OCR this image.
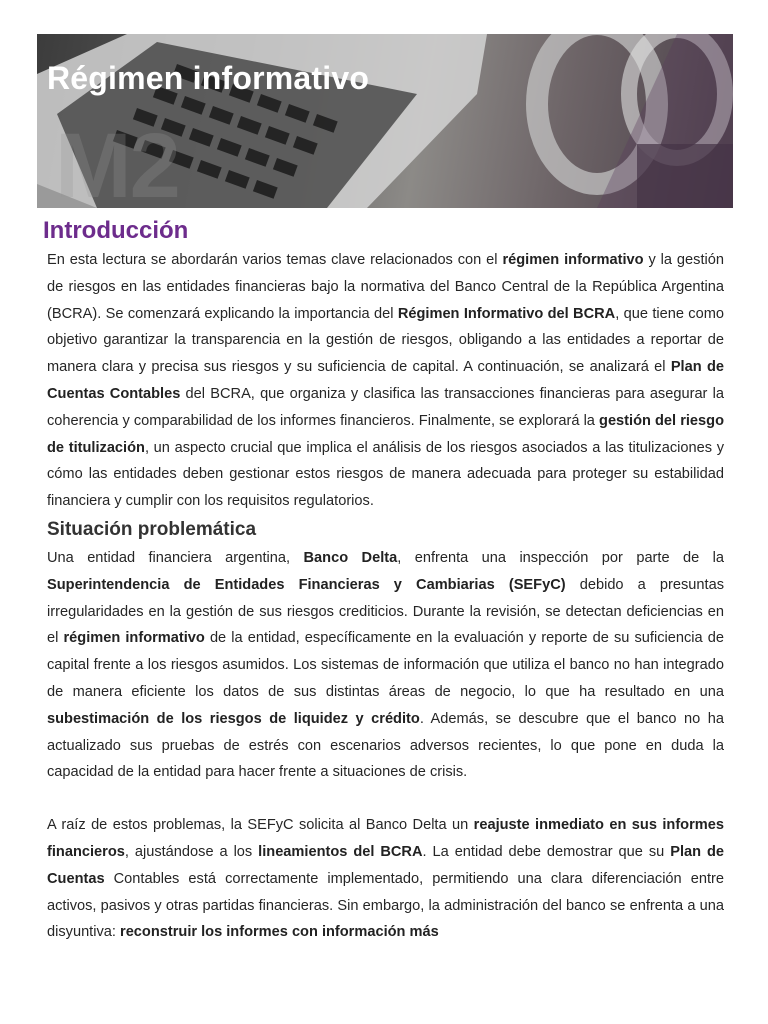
M2
Régimen informativo
Introducción

En esta lectura se abordarán varios temas clave relacionados con el régimen informativo y la gestión de riesgos en las entidades financieras bajo la normativa del Banco Central de la República Argentina (BCRA). Se comenzará explicando la importancia del Régimen Informativo del BCRA, que tiene como objetivo garantizar la transparencia en la gestión de riesgos, obligando a las entidades a reportar de manera clara y precisa sus riesgos y su suficiencia de capital. A continuación, se analizará el Plan de Cuentas Contables del BCRA, que organiza y clasifica las transacciones financieras para asegurar la coherencia y comparabilidad de los informes financieros. Finalmente, se explorará la gestión del riesgo de titulización, un aspecto crucial que implica el análisis de los riesgos asociados a las titulizaciones y cómo las entidades deben gestionar estos riesgos de manera adecuada para proteger su estabilidad financiera y cumplir con los requisitos regulatorios.

Situación problemática

Una entidad financiera argentina, Banco Delta, enfrenta una inspección por parte de la Superintendencia de Entidades Financieras y Cambiarias (SEFyC) debido a presuntas irregularidades en la gestión de sus riesgos crediticios. Durante la revisión, se detectan deficiencias en el régimen informativo de la entidad, específicamente en la evaluación y reporte de su suficiencia de capital frente a los riesgos asumidos. Los sistemas de información que utiliza el banco no han integrado de manera eficiente los datos de sus distintas áreas de negocio, lo que ha resultado en una subestimación de los riesgos de liquidez y crédito. Además, se descubre que el banco no ha actualizado sus pruebas de estrés con escenarios adversos recientes, lo que pone en duda la capacidad de la entidad para hacer frente a situaciones de crisis.

A raíz de estos problemas, la SEFyC solicita al Banco Delta un reajuste inmediato en sus informes financieros, ajustándose a los lineamientos del BCRA. La entidad debe demostrar que su Plan de Cuentas Contables está correctamente implementado, permitiendo una clara diferenciación entre activos, pasivos y otras partidas financieras. Sin embargo, la administración del banco se enfrenta a una disyuntiva: reconstruir los informes con información más
